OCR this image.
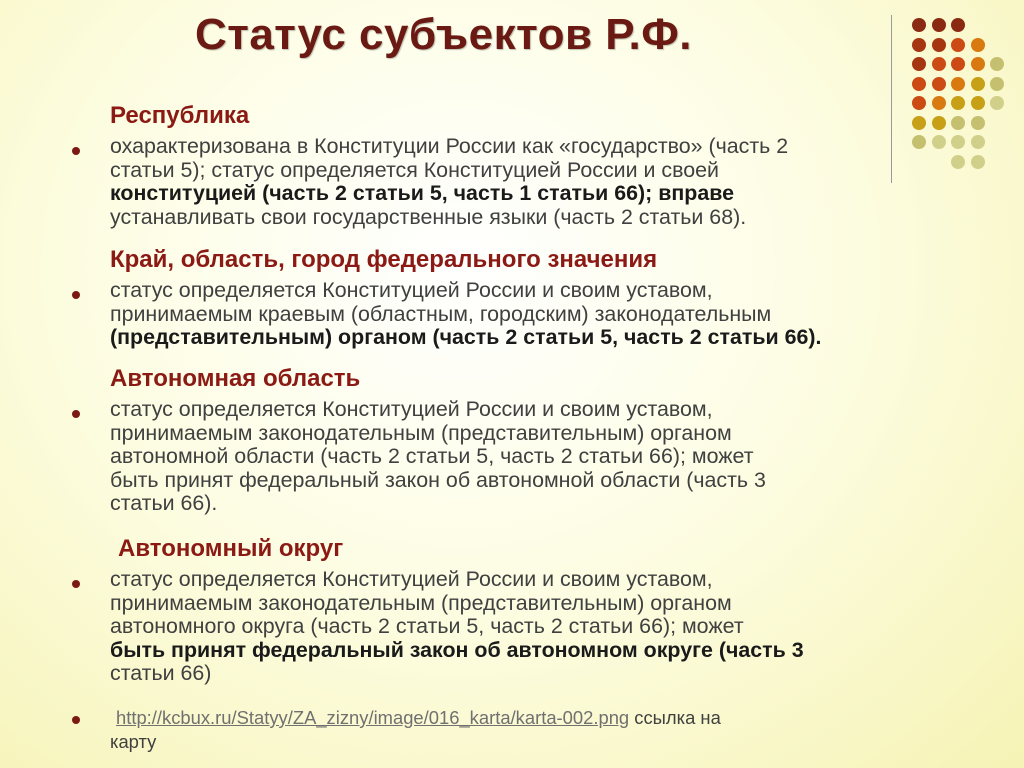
Статус субъектов Р.Ф.
Республика
охарактеризована в Конституции России как «государство» (часть 2
статьи 5); статус определяется Конституцией России и своей
конституцией (часть 2 статьи 5, часть 1 статьи 66); вправе
устанавливать свои государственные языки (часть 2 статьи 68).
Край, область, город федерального значения
статус определяется Конституцией России и своим уставом,
принимаемым краевым (областным, городским) законодательным
(представительным) органом (часть 2 статьи 5, часть 2 статьи 66).
Автономная область
статус определяется Конституцией России и своим уставом,
принимаемым законодательным (представительным) органом
автономной области (часть 2 статьи 5, часть 2 статьи 66); может
быть принят федеральный закон об автономной области (часть 3
статьи 66).
Автономный округ
статус определяется Конституцией России и своим уставом,
принимаемым законодательным (представительным) органом
автономного округа (часть 2 статьи 5, часть 2 статьи 66); может
быть принят федеральный закон об автономном округе (часть 3
статьи 66)
http://kcbux.ru/Statyy/ZA_zizny/image/016_karta/karta-002.png ссылка на
карту
